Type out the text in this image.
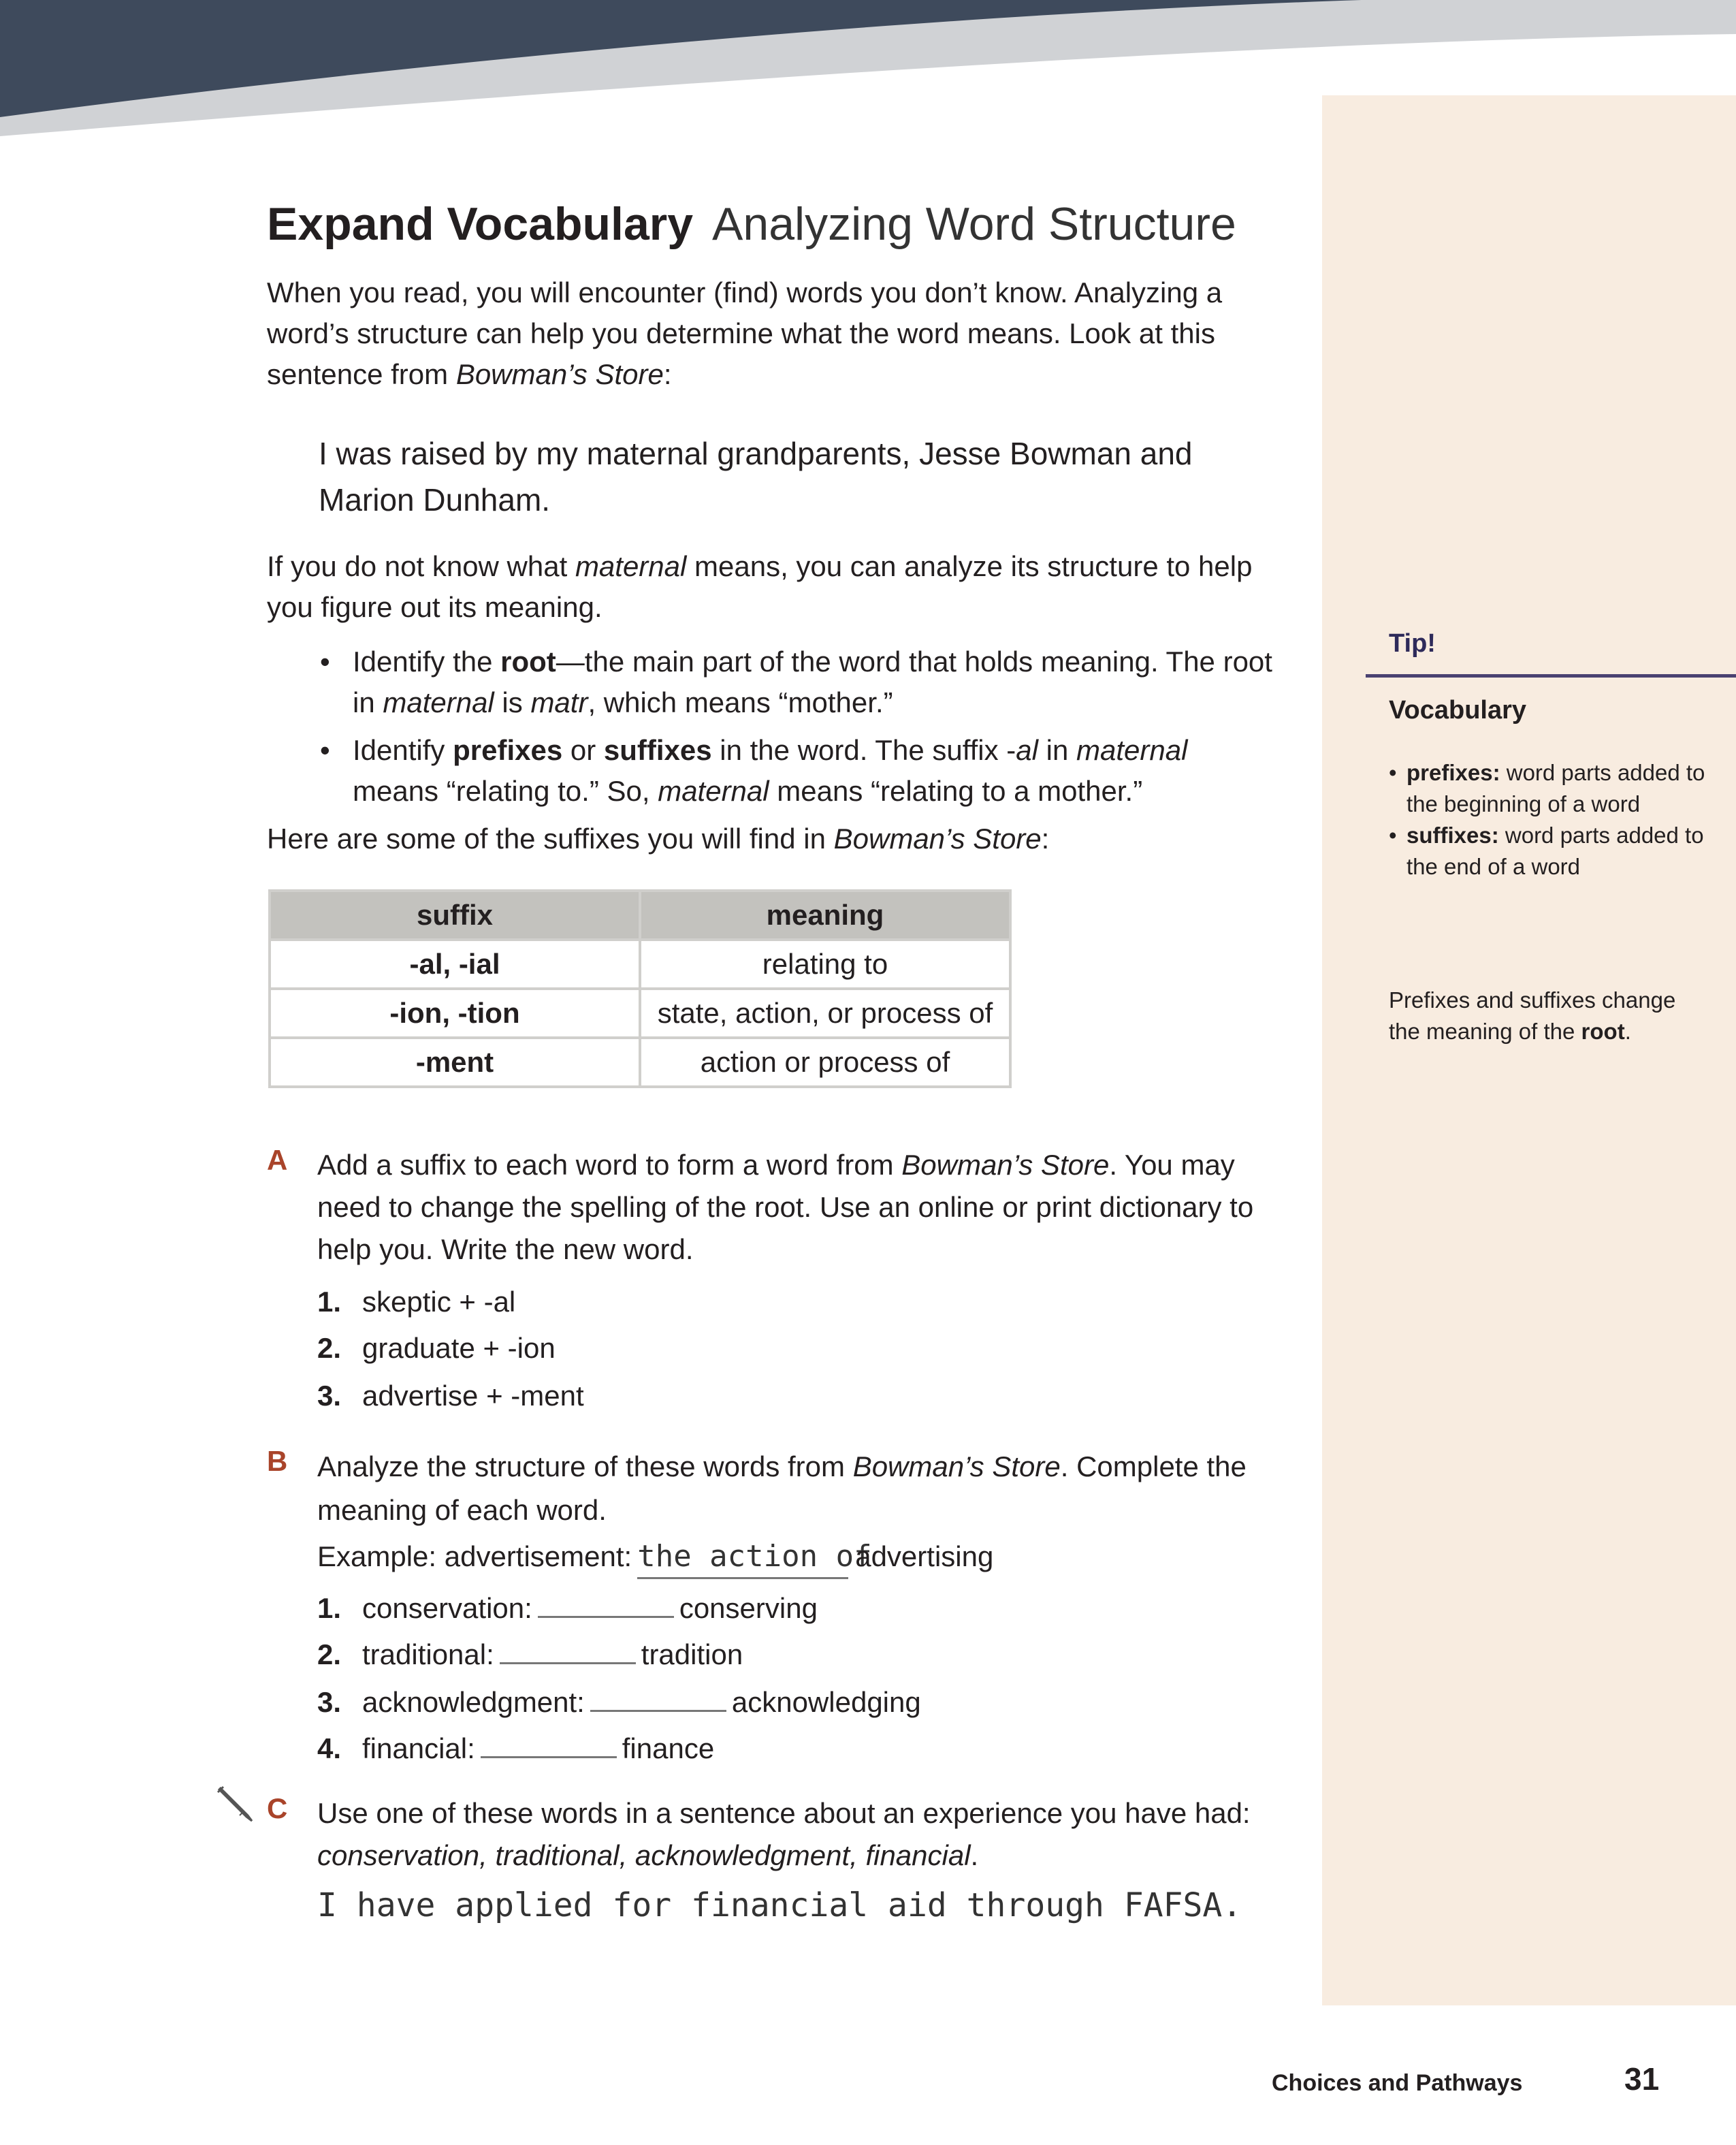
Expand Vocabulary Analyzing Word Structure
When you read, you will encounter (find) words you don’t know. Analyzing a word’s structure can help you determine what the word means. Look at this sentence from Bowman’s Store:
I was raised by my maternal grandparents, Jesse Bowman and Marion Dunham.
If you do not know what maternal means, you can analyze its structure to help you figure out its meaning.
• Identify the root—the main part of the word that holds meaning. The root in maternal is matr, which means “mother.”
• Identify prefixes or suffixes in the word. The suffix -al in maternal means “relating to.” So, maternal means “relating to a mother.”
Here are some of the suffixes you will find in Bowman’s Store:
suffix	meaning
-al, -ial	relating to
-ion, -tion	state, action, or process of
-ment	action or process of
A Add a suffix to each word to form a word from Bowman’s Store. You may need to change the spelling of the root. Use an online or print dictionary to help you. Write the new word.
1. skeptic + -al
2. graduate + -ion
3. advertise + -ment
B Analyze the structure of these words from Bowman’s Store. Complete the meaning of each word.
Example: advertisement: the action ofadvertising
1. conservation:	conserving
2. traditional:	tradition
3. acknowledgment:	acknowledging
4. financial:	finance
C Use one of these words in a sentence about an experience you have had:
conservation, traditional, acknowledgment, financial.
I have applied for financial aid through FAFSA.
Tip!
Vocabulary
• prefixes: word parts added to the beginning of a word
• suffixes: word parts added to the end of a word
Prefixes and suffixes change the meaning of the root.
Choices and Pathways	31
